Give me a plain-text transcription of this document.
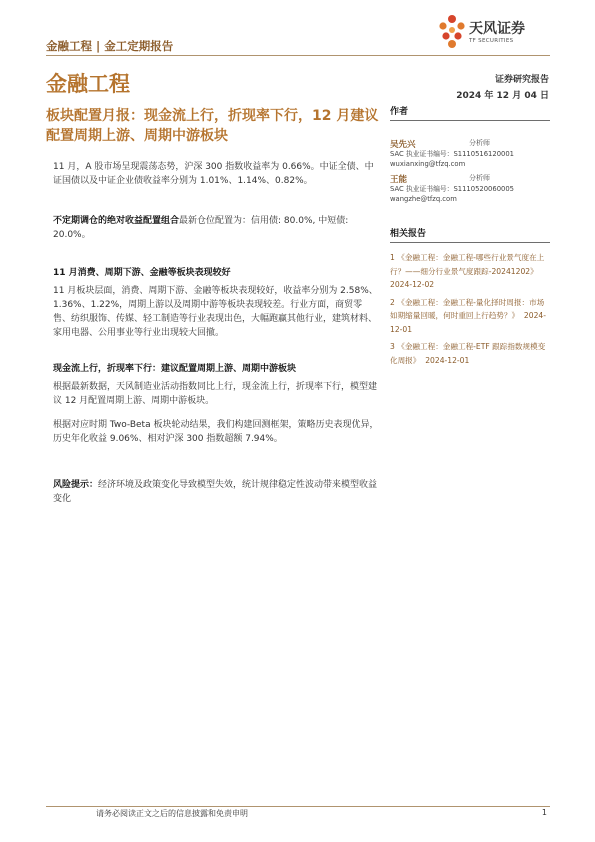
金融工程 | 金工定期报告
天风证券
TF SECURITIES
金融工程	证券研究报告
2024 年 12 月 04 日
板块配置月报：现金流上行，折现率下行，12 月建议配置周期上游、周期中游板块
11 月，A 股市场呈现震荡态势，沪深 300 指数收益率为 0.66%。中证全债、中证国债以及中证企业债收益率分别为 1.01%、1.14%、0.82%。
不定期调仓的绝对收益配置组合最新仓位配置为：信用债: 80.0%, 中短债: 20.0%。
11 月消费、周期下游、金融等板块表现较好
11 月板块层面，消费、周期下游、金融等板块表现较好，收益率分别为 2.58%、1.36%、1.22%，周期上游以及周期中游等板块表现较差。行业方面，商贸零售、纺织服饰、传媒、轻工制造等行业表现出色，大幅跑赢其他行业，建筑材料、家用电器、公用事业等行业出现较大回撤。
现金流上行，折现率下行：建议配置周期上游、周期中游板块
根据最新数据，天风制造业活动指数同比上行，现金流上行，折现率下行，模型建议 12 月配置周期上游、周期中游板块。
根据对应时期 Two-Beta 板块轮动结果，我们构建回测框架，策略历史表现优异，历史年化收益 9.06%、相对沪深 300 指数超额 7.94%。
风险提示：经济环境及政策变化导致模型失效，统计规律稳定性波动带来模型收益变化
作者
吴先兴	分析师
SAC 执业证书编号：S1110516120001
wuxianxing@tfzq.com
王能	分析师
SAC 执业证书编号：S1110520060005
wangzhe@tfzq.com
相关报告
1 《金融工程：金融工程-哪些行业景气度在上行？——细分行业景气度跟踪-20241202》  2024-12-02
2 《金融工程：金融工程-量化择时周报：市场如期缩量回暖，何时重回上行趋势？》 2024-12-01
3 《金融工程：金融工程-ETF 跟踪指数规模变化周报》 2024-12-01
请务必阅读正文之后的信息披露和免责申明	1
